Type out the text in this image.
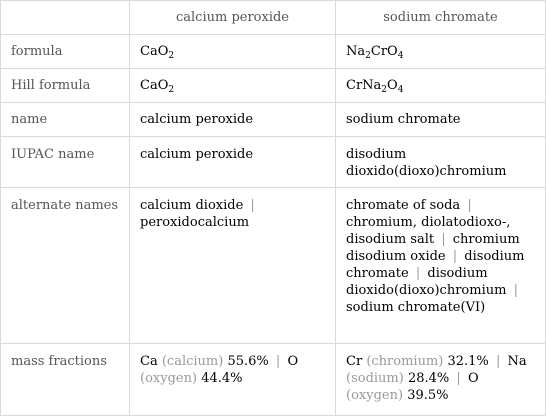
	calcium peroxide	sodium chromate
formula	CaO$_2$	$Na_2CrO_4$
Hill formula	CaO$_2$	$CrNa_2O_4$
name	calcium peroxide	sodium chromate
IUPAC name	calcium peroxide	disodium dioxido(dioxo)chromium
alternate names	calcium dioxide | peroxidocalcium	chromate of soda | chromium, diolatodioxo-, disodium salt | chromium disodium oxide | disodium chromate | disodium dioxido(dioxo)chromium | sodium chromate(VI)
mass fractions	Ca (calcium) 55.6% | O (oxygen) 44.4%	Cr (chromium) 32.1% | Na (sodium) 28.4% | O (oxygen) 39.5%
